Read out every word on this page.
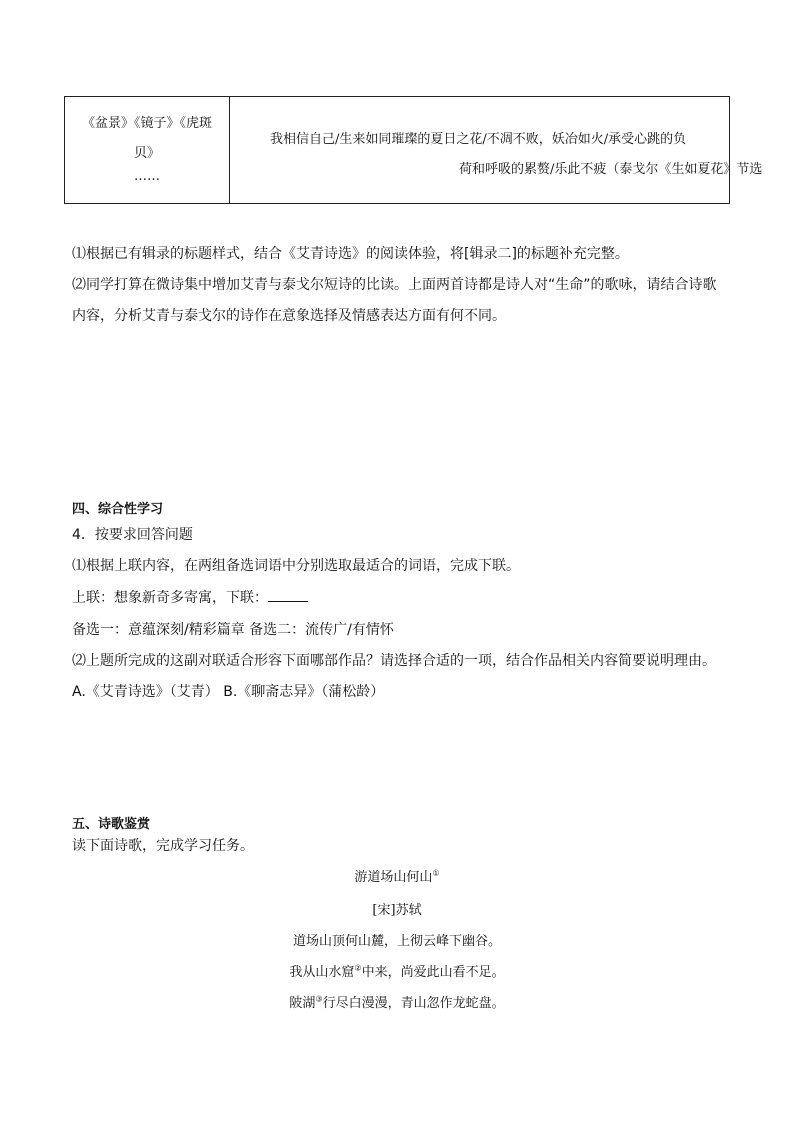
《盆景》《镜子》《虎斑
贝》
……
我相信自己/生来如同璀璨的夏日之花/不凋不败，妖冶如火/承受心跳的负
荷和呼吸的累赘/乐此不疲（泰戈尔《生如夏花》节选
⑴根据已有辑录的标题样式，结合《艾青诗选》的阅读体验，将[辑录二]的标题补充完整。
⑵同学打算在微诗集中增加艾青与泰戈尔短诗的比读。上面两首诗都是诗人对“生命”的歌咏，请结合诗歌
内容，分析艾青与泰戈尔的诗作在意象选择及情感表达方面有何不同。
四、综合性学习
4．按要求回答问题
⑴根据上联内容，在两组备选词语中分别选取最适合的词语，完成下联。
上联：想象新奇多寄寓，下联：
备选一：意蕴深刻/精彩篇章 备选二：流传广/有情怀
⑵上题所完成的这副对联适合形容下面哪部作品？请选择合适的一项，结合作品相关内容简要说明理由。
A.《艾青诗选》（艾青） B.《聊斋志异》（蒲松龄）
五、诗歌鉴赏
读下面诗歌，完成学习任务。
游道场山何山①
[宋]苏轼
道场山顶何山麓，上彻云峰下幽谷。
我从山水窟②中来，尚爱此山看不足。
陂湖③行尽白漫漫，青山忽作龙蛇盘。
